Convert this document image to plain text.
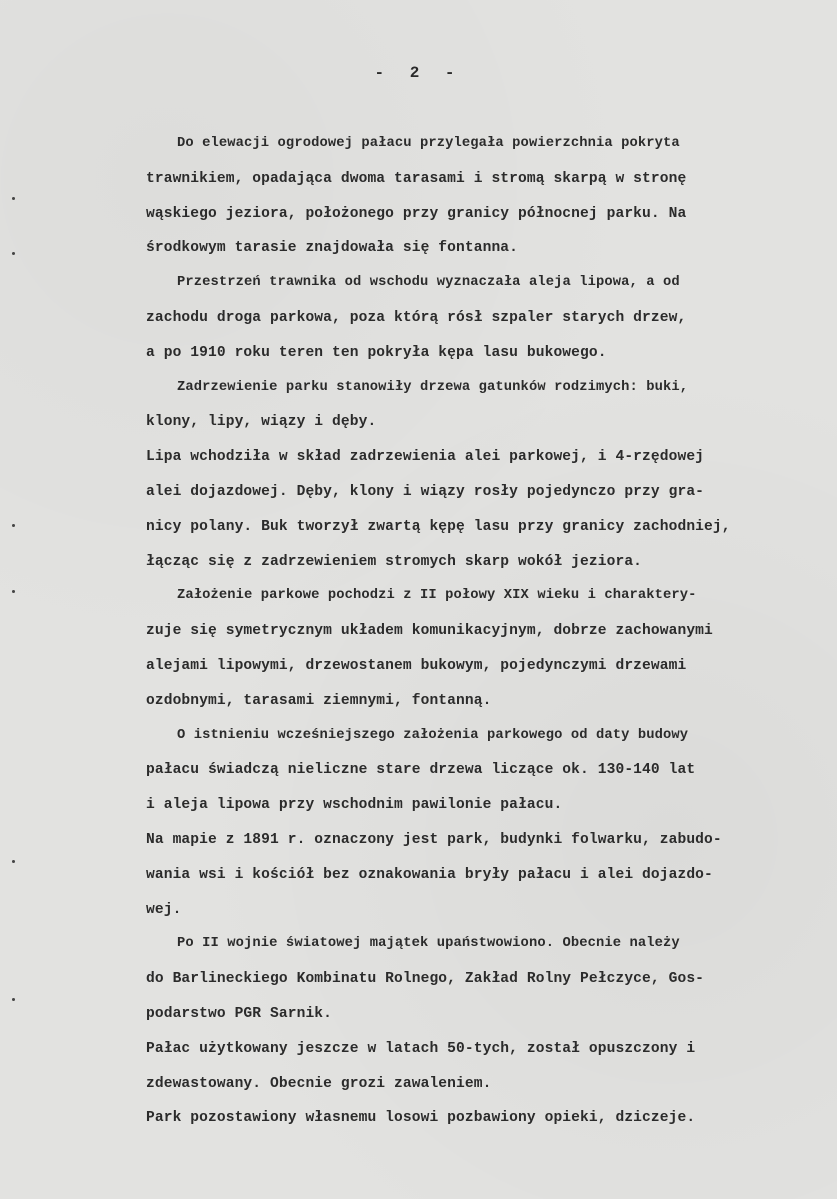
- 2 -
Do elewacji ogrodowej pałacu przylegała powierzchnia pokryta
trawnikiem, opadająca dwoma tarasami i stromą skarpą w stronę
wąskiego jeziora, położonego przy granicy północnej parku. Na
środkowym tarasie znajdowała się fontanna.
Przestrzeń trawnika od wschodu wyznaczała aleja lipowa, a od
zachodu droga parkowa, poza którą rósł szpaler starych drzew,
a po 1910 roku teren ten pokryła kępa lasu bukowego.
Zadrzewienie parku stanowiły drzewa gatunków rodzimych: buki,
klony, lipy, wiązy i dęby.
Lipa wchodziła w skład zadrzewienia alei parkowej, i 4-rzędowej
alei dojazdowej. Dęby, klony i wiązy rosły pojedynczo przy gra-
nicy polany. Buk tworzył zwartą kępę lasu przy granicy zachodniej,
łącząc się z zadrzewieniem stromych skarp wokół jeziora.
Założenie parkowe pochodzi z II połowy XIX wieku i charaktery-
zuje się symetrycznym układem komunikacyjnym, dobrze zachowanymi
alejami lipowymi, drzewostanem bukowym, pojedynczymi drzewami
ozdobnymi, tarasami ziemnymi, fontanną.
O istnieniu wcześniejszego założenia parkowego od daty budowy
pałacu świadczą nieliczne stare drzewa liczące ok. 130-140 lat
i aleja lipowa przy wschodnim pawilonie pałacu.
Na mapie z 1891 r. oznaczony jest park, budynki folwarku, zabudo-
wania wsi i kościół bez oznakowania bryły pałacu i alei dojazdo-
wej.
Po II wojnie światowej majątek upaństwowiono. Obecnie należy
do Barlineckiego Kombinatu Rolnego, Zakład Rolny Pełczyce, Gos-
podarstwo PGR Sarnik.
Pałac użytkowany jeszcze w latach 50-tych, został opuszczony i
zdewastowany. Obecnie grozi zawaleniem.
Park pozostawiony własnemu losowi pozbawiony opieki, dziczeje.
